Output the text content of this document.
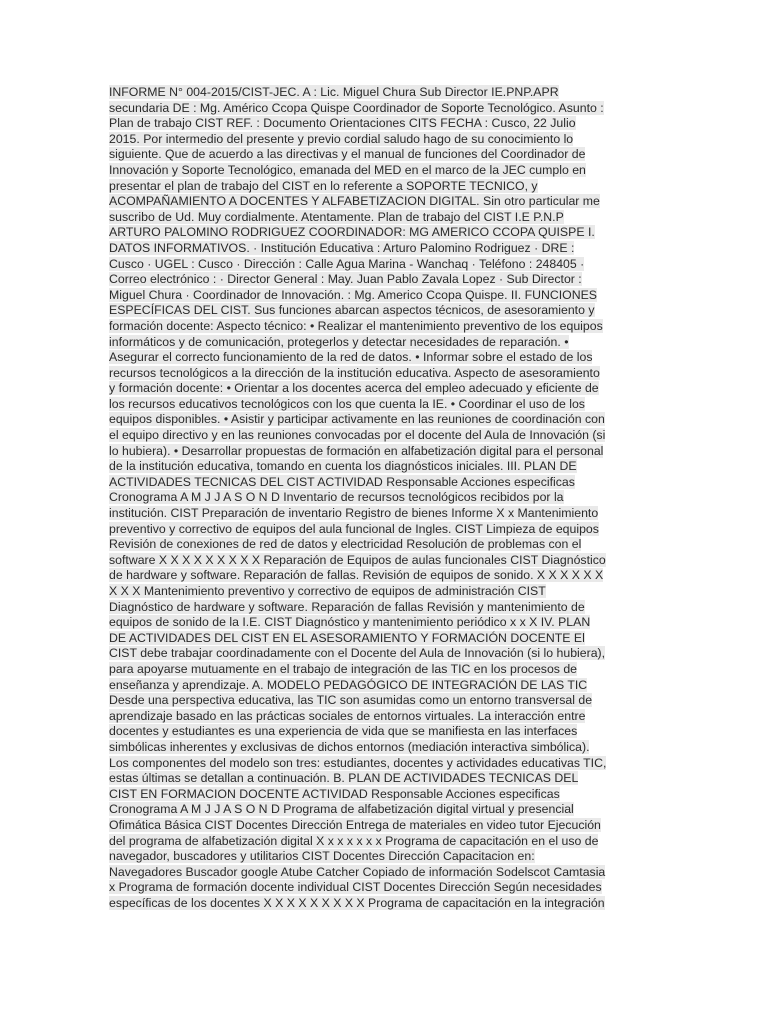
INFORME N° 004-2015/CIST-JEC. A : Lic. Miguel Chura Sub Director IE.PNP.APR
secundaria DE : Mg. Américo Ccopa Quispe Coordinador de Soporte Tecnológico. Asunto :
Plan de trabajo CIST REF. : Documento Orientaciones CITS FECHA : Cusco, 22 Julio
2015. Por intermedio del presente y previo cordial saludo hago de su conocimiento lo
siguiente. Que de acuerdo a las directivas y el manual de funciones del Coordinador de
Innovación y Soporte Tecnológico, emanada del MED en el marco de la JEC cumplo en
presentar el plan de trabajo del CIST en lo referente a SOPORTE TECNICO, y
ACOMPAÑAMIENTO A DOCENTES Y ALFABETIZACION DIGITAL. Sin otro particular me
suscribo de Ud. Muy cordialmente. Atentamente. Plan de trabajo del CIST I.E P.N.P
ARTURO PALOMINO RODRIGUEZ COORDINADOR: MG AMERICO CCOPA QUISPE I.
DATOS INFORMATIVOS. · Institución Educativa : Arturo Palomino Rodriguez · DRE :
Cusco · UGEL : Cusco · Dirección : Calle Agua Marina - Wanchaq · Teléfono : 248405 ·
Correo electrónico : · Director General : May. Juan Pablo Zavala Lopez · Sub Director :
Miguel Chura · Coordinador de Innovación. : Mg. Americo Ccopa Quispe. II. FUNCIONES
ESPECÍFICAS DEL CIST. Sus funciones abarcan aspectos técnicos, de asesoramiento y
formación docente: Aspecto técnico: • Realizar el mantenimiento preventivo de los equipos
informáticos y de comunicación, protegerlos y detectar necesidades de reparación. •
Asegurar el correcto funcionamiento de la red de datos. • Informar sobre el estado de los
recursos tecnológicos a la dirección de la institución educativa. Aspecto de asesoramiento
y formación docente: • Orientar a los docentes acerca del empleo adecuado y eficiente de
los recursos educativos tecnológicos con los que cuenta la IE. • Coordinar el uso de los
equipos disponibles. • Asistir y participar activamente en las reuniones de coordinación con
el equipo directivo y en las reuniones convocadas por el docente del Aula de Innovación (si
lo hubiera). • Desarrollar propuestas de formación en alfabetización digital para el personal
de la institución educativa, tomando en cuenta los diagnósticos iniciales. III. PLAN DE
ACTIVIDADES TECNICAS DEL CIST ACTIVIDAD Responsable Acciones especificas
Cronograma A M J J A S O N D Inventario de recursos tecnológicos recibidos por la
institución. CIST Preparación de inventario Registro de bienes Informe X x Mantenimiento
preventivo y correctivo de equipos del aula funcional de Ingles. CIST Limpieza de equipos
Revisión de conexiones de red de datos y electricidad Resolución de problemas con el
software X X X X X X X X X Reparación de Equipos de aulas funcionales CIST Diagnóstico
de hardware y software. Reparación de fallas. Revisión de equipos de sonido. X X X X X X
X X X Mantenimiento preventivo y correctivo de equipos de administración CIST
Diagnóstico de hardware y software. Reparación de fallas Revisión y mantenimiento de
equipos de sonido de la I.E. CIST Diagnóstico y mantenimiento periódico x x X IV. PLAN
DE ACTIVIDADES DEL CIST EN EL ASESORAMIENTO Y FORMACIÓN DOCENTE El
CIST debe trabajar coordinadamente con el Docente del Aula de Innovación (si lo hubiera),
para apoyarse mutuamente en el trabajo de integración de las TIC en los procesos de
enseñanza y aprendizaje. A. MODELO PEDAGÓGICO DE INTEGRACIÓN DE LAS TIC
Desde una perspectiva educativa, las TIC son asumidas como un entorno transversal de
aprendizaje basado en las prácticas sociales de entornos virtuales. La interacción entre
docentes y estudiantes es una experiencia de vida que se manifiesta en las interfaces
simbólicas inherentes y exclusivas de dichos entornos (mediación interactiva simbólica).
Los componentes del modelo son tres: estudiantes, docentes y actividades educativas TIC,
estas últimas se detallan a continuación. B. PLAN DE ACTIVIDADES TECNICAS DEL
CIST EN FORMACION DOCENTE ACTIVIDAD Responsable Acciones especificas
Cronograma A M J J A S O N D Programa de alfabetización digital virtual y presencial
Ofimática Básica CIST Docentes Dirección Entrega de materiales en video tutor Ejecución
del programa de alfabetización digital X x x x x x x Programa de capacitación en el uso de
navegador, buscadores y utilitarios CIST Docentes Dirección Capacitacion en:
Navegadores Buscador google Atube Catcher Copiado de información Sodelscot Camtasia
x Programa de formación docente individual CIST Docentes Dirección Según necesidades
específicas de los docentes X X X X X X X X X Programa de capacitación en la integración
